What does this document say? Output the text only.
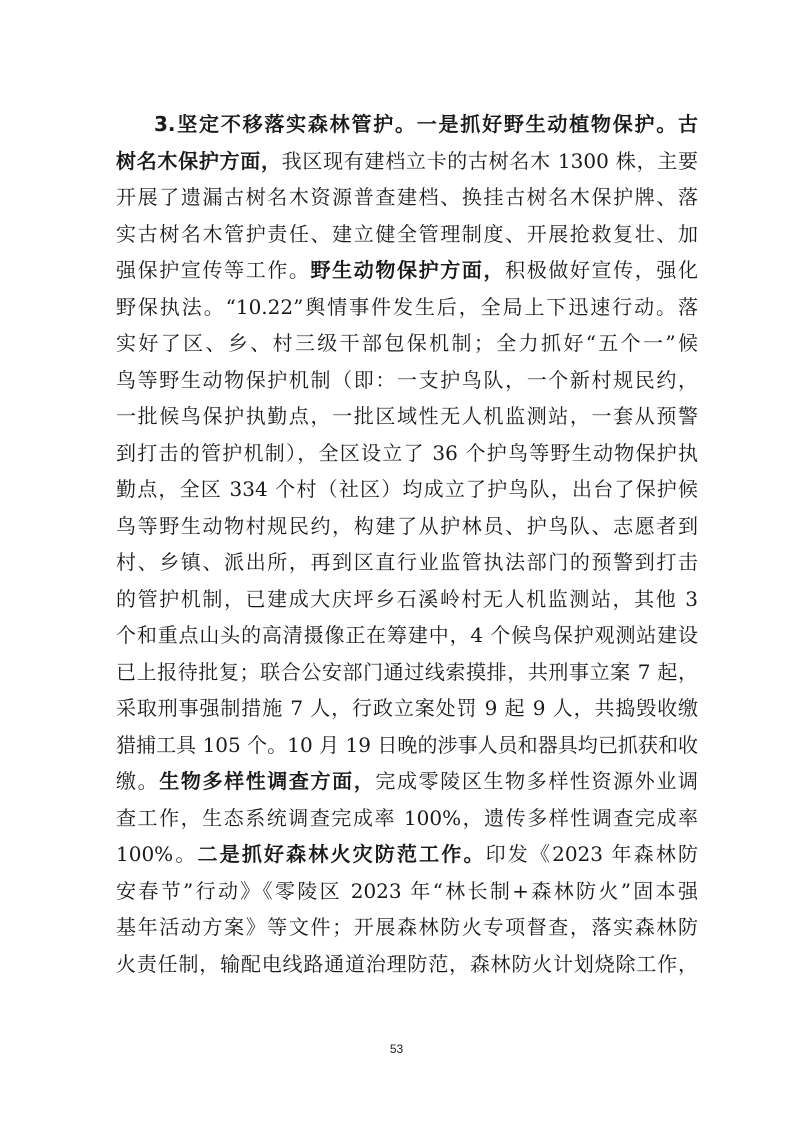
3.坚定不移落实森林管护。一是抓好野生动植物保护。古
树名木保护方面，我区现有建档立卡的古树名木 1300 株，主要
开展了遗漏古树名木资源普查建档、换挂古树名木保护牌、落
实古树名木管护责任、建立健全管理制度、开展抢救复壮、加
强保护宣传等工作。野生动物保护方面，积极做好宣传，强化
野保执法。“10.22”舆情事件发生后，全局上下迅速行动。落
实好了区、乡、村三级干部包保机制；全力抓好“五个一”候
鸟等野生动物保护机制（即：一支护鸟队，一个新村规民约，
一批候鸟保护执勤点，一批区域性无人机监测站，一套从预警
到打击的管护机制），全区设立了 36 个护鸟等野生动物保护执
勤点，全区 334 个村（社区）均成立了护鸟队，出台了保护候
鸟等野生动物村规民约，构建了从护林员、护鸟队、志愿者到
村、乡镇、派出所，再到区直行业监管执法部门的预警到打击
的管护机制，已建成大庆坪乡石溪岭村无人机监测站，其他 3
个和重点山头的高清摄像正在筹建中，4 个候鸟保护观测站建设
已上报待批复；联合公安部门通过线索摸排，共刑事立案 7 起，
采取刑事强制措施 7 人，行政立案处罚 9 起 9 人，共捣毁收缴
猎捕工具 105 个。10 月 19 日晚的涉事人员和器具均已抓获和收
缴。生物多样性调查方面，完成零陵区生物多样性资源外业调
查工作，生态系统调查完成率 100%，遗传多样性调查完成率
100%。二是抓好森林火灾防范工作。印发《2023 年森林防
安春节”行动》《零陵区 2023 年“林长制+森林防火”固本强
基年活动方案》等文件；开展森林防火专项督查，落实森林防
火责任制，输配电线路通道治理防范，森林防火计划烧除工作，
53
